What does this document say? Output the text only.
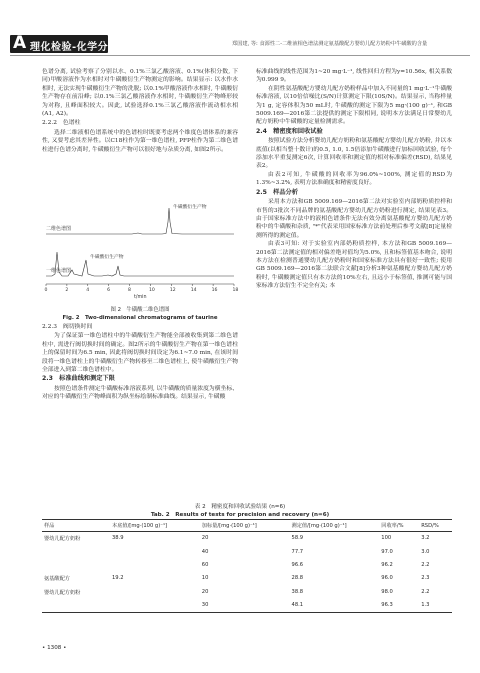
A 理化检验-化学分册	郑国建, 等: 食源性二-二维液相色谱法测定氨基酸配方婴幼儿配方奶粉中牛磺酸的含量

色谱分离, 试验考察了分别以水、0.1%三氯乙酸溶液、0.1%(体积分数, 下同)甲酸溶液作为水相时对牛磺酸衍生产物测定的影响。结果显示: 以水作水相时, 无法实现牛磺酸衍生产物的洗脱; 以0.1%甲酸溶液作水相时, 牛磺酸衍生产物存在前沿峰; 以0.1%三氯乙酸溶液作水相时, 牛磺酸衍生产物峰形较为对称, 且峰面积较大。因此, 试验选择0.1%三氯乙酸溶液作流动相水相(A1, A2)。

2.2.2　色谱柱

选择二维液相色谱系统中的色谱柱时既要考虑两个维度色谱体系的兼容性, 又要考虑其差异性。以C18柱作为第一维色谱柱, PFP柱作为第二维色谱柱进行色谱分离时, 牛磺酸衍生产物可以很好地与杂质分离, 如图2所示。

二维色谱图
牛磺酸衍生产物
一维色谱图
牛磺酸衍生产物
0	2	4	6	8	10	12	14	16	18
t/min
图 2　牛磺酸二维色谱图
Fig. 2　Two-dimensional chromatograms of taurine
2.2.3　阀切换时间

为了保证第一维色谱柱中的牛磺酸衍生产物能全部被收集到第二维色谱柱中, 需进行阀切换时间的确定。图2所示的牛磺酸衍生产物在第一维色谱柱上的保留时间为6.5 min, 因此将阀切换时间设定为6.1~7.0 min, 在该时间段将一维色谱柱上的牛磺酸衍生产物转移至二维色谱柱上, 使牛磺酸衍生产物全部进入到第二维色谱柱中。

2.3　标准曲线和测定下限

按照色谱条件测定牛磺酸标准溶液系列, 以牛磺酸的质量浓度为横坐标、对应的牛磺酸衍生产物峰面积为纵坐标绘制标准曲线。结果显示, 牛磺酸

标准曲线的线性范围为1~20 mg·L⁻¹, 线性回归方程为y=10.56x, 相关系数为0.999 9。

在阴性氨基酸配方婴幼儿配方奶粉样品中加入不同量的1 mg·L⁻¹牛磺酸标准溶液, 以10倍信噪比(S/N)计算测定下限(10S/N)。结果显示, 当称样量为1 g, 定容体积为50 mL时, 牛磺酸的测定下限为5 mg·(100 g)⁻¹, 和GB 5009.169—2016第二法提供的测定下限相同, 说明本方法满足日常婴幼儿配方奶粉中牛磺酸的定量检测需求。

2.4　精密度和回收试验

按照试验方法分析婴幼儿配方奶粉和氨基酸配方婴幼儿配方奶粉, 并以本底值(以相当整十数计)的0.5, 1.0, 1.5倍添加牛磺酸进行加标回收试验, 每个添加水平重复测定6次, 计算回收率和测定值的相对标准偏差(RSD), 结果见表2。

由表2可知, 牛磺酸的回收率为96.0%~100%, 测定值的RSD为1.3%~3.2%, 表明方法准确度和精密度良好。

2.5　样品分析

采用本方法和GB 5009.169—2016第二法对实验室内部奶粉质控样和市售的3批次不同品牌的氨基酸配方婴幼儿配方奶粉进行测定, 结果见表3。由于国家标准方法中的液相色谱条件无法有效分离氨基酸配方婴幼儿配方奶粉中的牛磺酸和杂质, "*"代表采用国家标准方法前处理后参考文献[8]定量检测所得的测定值。

由表3可知: 对于实验室内部奶粉质控样, 本方法和GB 5009.169—2016第二法测定值的相对偏差绝对值均为5.0%, 且和标签值基本吻合, 说明本方法在检测普通婴幼儿配方奶粉时和国家标准方法具有很好一致性; 使用GB 5009.169—2016第二法联合文献[8]分析3种氨基酸配方婴幼儿配方奶粉时, 牛磺酸测定值只有本方法的10%左右, 且远小于标签值, 推测可能与国家标准方法衍生不完全有关; 本

表 2　精密度和回收试验结果 (n=6)
Tab. 2　Results of tests for precision and recovery (n=6)
样品	本底值/[mg·(100 g)⁻¹]	加标量/[mg·(100 g)⁻¹]	测定值/[mg·(100 g)⁻¹]	回收率/%	RSD/%
婴幼儿配方奶粉	38.9	20	58.9	100	3.2
		40	77.7	97.0	3.0
		60	96.6	96.2	2.2
氨基酸配方	19.2	10	28.8	96.0	2.3
婴幼儿配方奶粉		20	38.8	98.0	2.2
		30	48.1	96.3	1.3
• 1308 •
